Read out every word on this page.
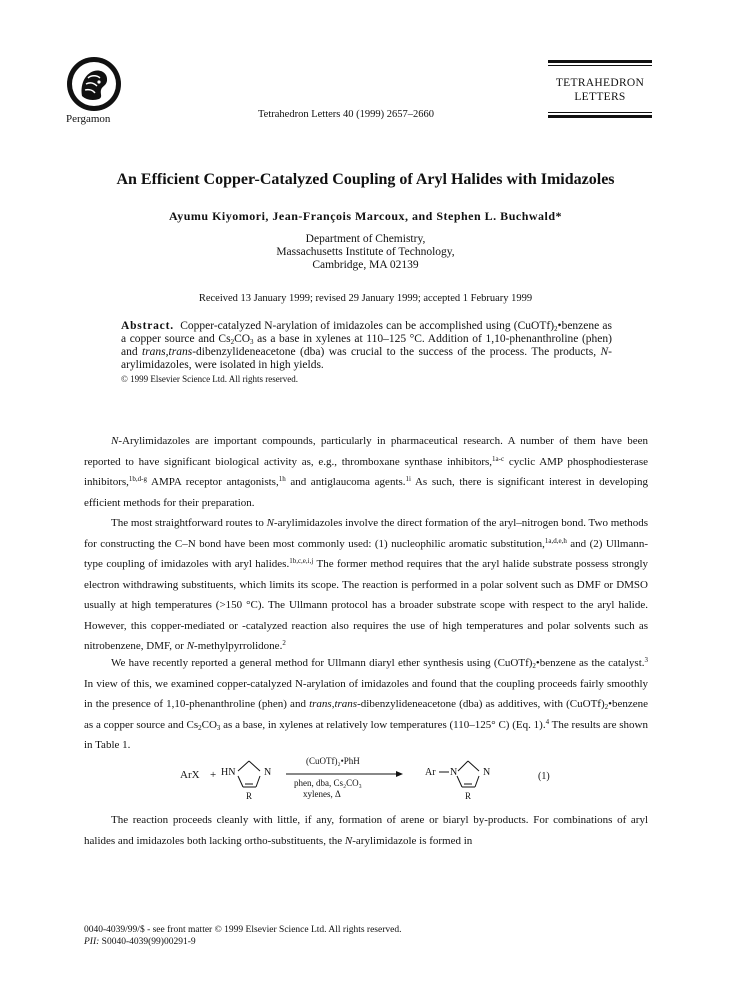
Pergamon	Tetrahedron Letters 40 (1999) 2657–2660
TETRAHEDRON
LETTERS
An Efficient Copper-Catalyzed Coupling of Aryl Halides with Imidazoles
Ayumu Kiyomori, Jean-François Marcoux, and Stephen L. Buchwald*
Department of Chemistry,
Massachusetts Institute of Technology,
Cambridge, MA 02139
Received 13 January 1999; revised 29 January 1999; accepted 1 February 1999
Abstract. Copper-catalyzed N-arylation of imidazoles can be accomplished using $(CuOTf)_2•benzene$ as a copper source and $Cs_2CO_3$ as a base in xylenes at 110–125 °C. Addition of 1,10-phenanthroline (phen) and trans,trans-dibenzylideneacetone (dba) was crucial to the success of the process. The products, N-arylimidazoles, were isolated in high yields.
© 1999 Elsevier Science Ltd. All rights reserved.
N-Arylimidazoles are important compounds, particularly in pharmaceutical research. A number of them have been reported to have significant biological activity as, e.g., thromboxane synthase inhibitors,$^{1a-c}$ cyclic AMP phosphodiesterase inhibitors,$^{1b,d-g}$ AMPA receptor antagonists,$^{1h}$ and antiglaucoma agents.$^{1i}$ As such, there is significant interest in developing efficient methods for their preparation.
The most straightforward routes to N-arylimidazoles involve the direct formation of the aryl–nitrogen bond. Two methods for constructing the C–N bond have been most commonly used: (1) nucleophilic aromatic substitution,$^{1a,d,e,h}$ and (2) Ullmann-type coupling of imidazoles with aryl halides.$^{1b,c,e,i,j}$ The former method requires that the aryl halide substrate possess strongly electron withdrawing substituents, which limits its scope. The reaction is performed in a polar solvent such as DMF or DMSO usually at high temperatures (>150 °C). The Ullmann protocol has a broader substrate scope with respect to the aryl halide. However, this copper-mediated or -catalyzed reaction also requires the use of high temperatures and polar solvents such as nitrobenzene, DMF, or N-methylpyrrolidone.$^2$
We have recently reported a general method for Ullmann diaryl ether synthesis using $(CuOTf)_2•benzene$ as the catalyst.$^3$ In view of this, we examined copper-catalyzed N-arylation of imidazoles and found that the coupling proceeds fairly smoothly in the presence of 1,10-phenanthroline (phen) and trans,trans-dibenzylideneacetone (dba) as additives, with $(CuOTf)_2•benzene$ as a copper source and $Cs_2CO_3$ as a base, in xylenes at relatively low temperatures (110–125° C) (Eq. 1).$^4$ The results are shown in Table 1.
ArX + HN	N
R
(CuOTf)₂•PhH
phen, dba, Cs₂CO₃
xylenes, Δ
Ar N	N
R
(1)
The reaction proceeds cleanly with little, if any, formation of arene or biaryl by-products. For combinations of aryl halides and imidazoles both lacking ortho-substituents, the N-arylimidazole is formed in
0040-4039/99/$ - see front matter © 1999 Elsevier Science Ltd. All rights reserved.
PII: S0040-4039(99)00291-9
